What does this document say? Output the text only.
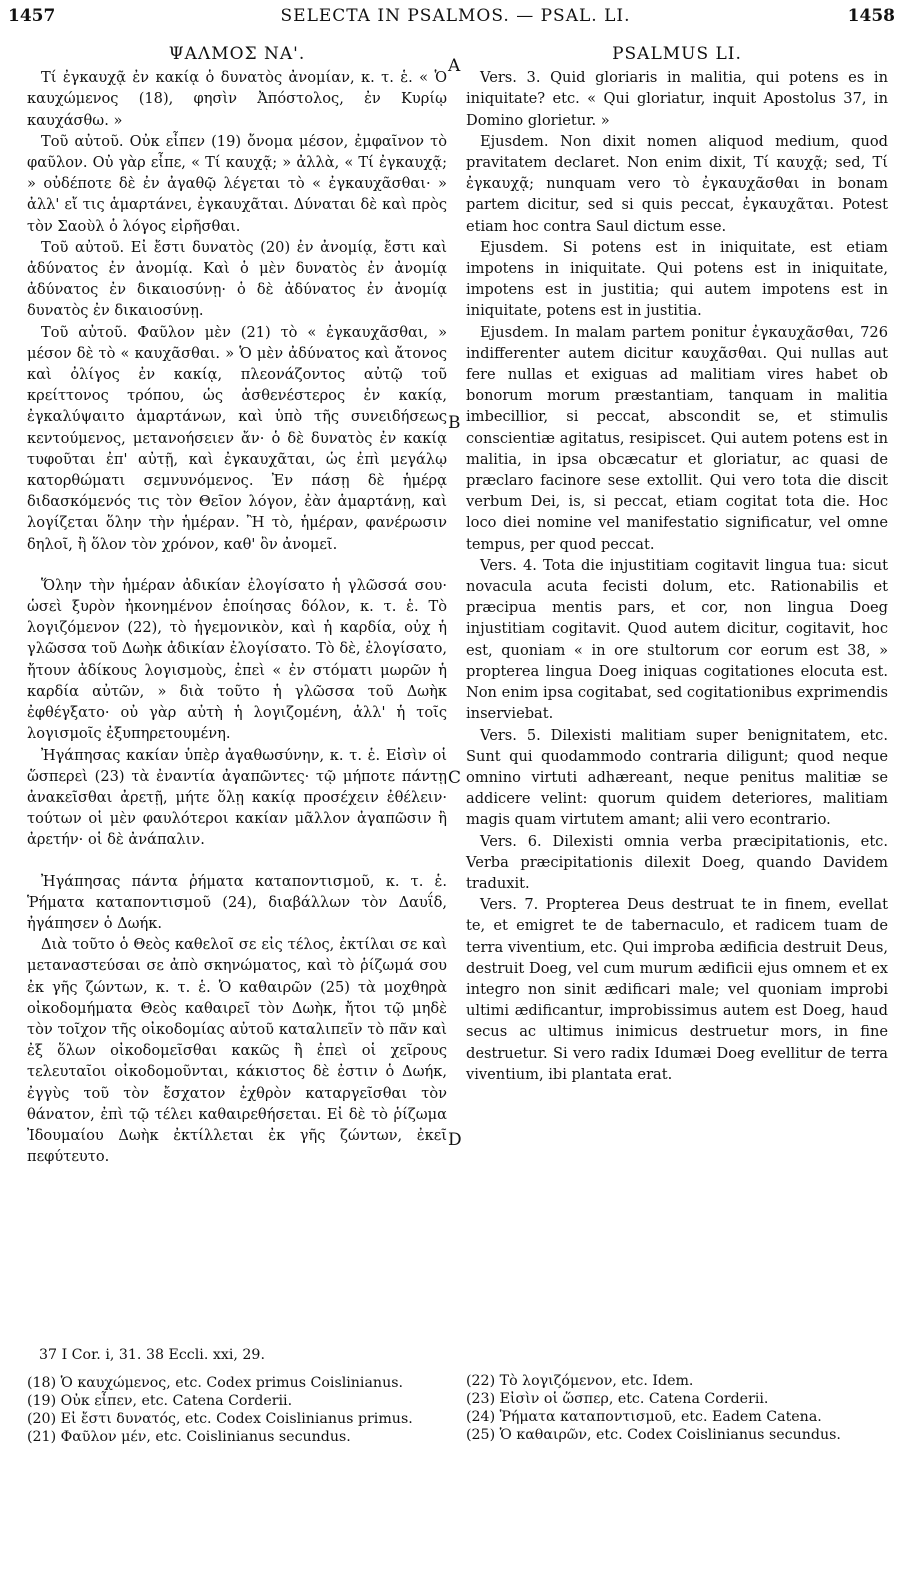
1457	SELECTA IN PSALMOS. — PSAL. LI.	1458
A
B
C
D
ΨΑΛΜΟΣ ΝΑ'.

Τί ἐγκαυχᾷ ἐν κακίᾳ ὁ δυνατὸς ἀνομίαν, κ. τ. ἑ. « Ὁ καυχώμενος (18), φησὶν Ἀπόστολος, ἐν Κυρίῳ καυχάσθω. »

Τοῦ αὐτοῦ. Οὐκ εἶπεν (19) ὄνομα μέσον, ἐμφαῖνον τὸ φαῦλον. Οὐ γὰρ εἶπε, « Τί καυχᾷ; » ἀλλὰ, « Τί ἐγκαυχᾷ; » οὐδέποτε δὲ ἐν ἀγαθῷ λέγεται τὸ « ἐγκαυχᾶσθαι· » ἀλλ' εἴ τις ἁμαρτάνει, ἐγκαυχᾶται. Δύναται δὲ καὶ πρὸς τὸν Σαοὺλ ὁ λόγος εἰρῆσθαι.

Τοῦ αὐτοῦ. Εἰ ἔστι δυνατὸς (20) ἐν ἀνομίᾳ, ἔστι καὶ ἀδύνατος ἐν ἀνομίᾳ. Καὶ ὁ μὲν δυνατὸς ἐν ἀνομίᾳ ἀδύνατος ἐν δικαιοσύνῃ· ὁ δὲ ἀδύνατος ἐν ἀνομίᾳ δυνατὸς ἐν δικαιοσύνῃ.

Τοῦ αὐτοῦ. Φαῦλον μὲν (21) τὸ « ἐγκαυχᾶσθαι, » μέσον δὲ τὸ « καυχᾶσθαι. » Ὁ μὲν ἀδύνατος καὶ ἄτονος καὶ ὀλίγος ἐν κακίᾳ, πλεονάζοντος αὐτῷ τοῦ κρείττονος τρόπου, ὡς ἀσθενέστερος ἐν κακίᾳ, ἐγκαλύψαιτο ἁμαρτάνων, καὶ ὑπὸ τῆς συνειδήσεως κεντούμενος, μετανοήσειεν ἄν· ὁ δὲ δυνατὸς ἐν κακίᾳ τυφοῦται ἐπ' αὐτῇ, καὶ ἐγκαυχᾶται, ὡς ἐπὶ μεγάλῳ κατορθώματι σεμνυνόμενος. Ἐν πάσῃ δὲ ἡμέρᾳ διδασκόμενός τις τὸν Θεῖον λόγον, ἐὰν ἁμαρτάνῃ, καὶ λογίζεται ὅλην τὴν ἡμέραν. Ἢ τὸ, ἡμέραν, φανέρωσιν δηλοῖ, ἢ ὅλον τὸν χρόνον, καθ' ὃν ἀνομεῖ.

Ὅλην τὴν ἡμέραν ἀδικίαν ἐλογίσατο ἡ γλῶσσά σου· ὡσεὶ ξυρὸν ἠκονημένον ἐποίησας δόλον, κ. τ. ἑ. Τὸ λογιζόμενον (22), τὸ ἡγεμονικὸν, καὶ ἡ καρδία, οὐχ ἡ γλῶσσα τοῦ Δωὴκ ἀδικίαν ἐλογίσατο. Τὸ δὲ, ἐλογίσατο, ἤτουν ἀδίκους λογισμοὺς, ἐπεὶ « ἐν στόματι μωρῶν ἡ καρδία αὐτῶν, » διὰ τοῦτο ἡ γλῶσσα τοῦ Δωὴκ ἐφθέγξατο· οὐ γὰρ αὐτὴ ἡ λογιζομένη, ἀλλ' ἡ τοῖς λογισμοῖς ἐξυπηρετουμένη.

Ἠγάπησας κακίαν ὑπὲρ ἀγαθωσύνην, κ. τ. ἑ. Εἰσὶν οἱ ὥσπερεὶ (23) τὰ ἐναντία ἀγαπῶντες· τῷ μήποτε πάντῃ ἀνακεῖσθαι ἀρετῇ, μήτε ὅλῃ κακίᾳ προσέχειν ἐθέλειν· τούτων οἱ μὲν φαυλότεροι κακίαν μᾶλλον ἀγαπῶσιν ἢ ἀρετήν· οἱ δὲ ἀνάπαλιν.

Ἠγάπησας πάντα ῥήματα καταποντισμοῦ, κ. τ. ἑ. Ῥήματα καταποντισμοῦ (24), διαβάλλων τὸν Δαυΐδ, ἠγάπησεν ὁ Δωήκ.

Διὰ τοῦτο ὁ Θεὸς καθελοῖ σε εἰς τέλος, ἐκτίλαι σε καὶ μεταναστεύσαι σε ἀπὸ σκηνώματος, καὶ τὸ ῥίζωμά σου ἐκ γῆς ζώντων, κ. τ. ἑ. Ὁ καθαιρῶν (25) τὰ μοχθηρὰ οἰκοδομήματα Θεὸς καθαιρεῖ τὸν Δωὴκ, ἤτοι τῷ μηδὲ τὸν τοῖχον τῆς οἰκοδομίας αὐτοῦ καταλιπεῖν τὸ πᾶν καὶ ἐξ ὅλων οἰκοδομεῖσθαι κακῶς ἢ ἐπεὶ οἱ χεῖρους τελευταῖοι οἰκοδομοῦνται, κάκιστος δὲ ἐστιν ὁ Δωήκ, ἐγγὺς τοῦ τὸν ἔσχατον ἐχθρὸν καταργεῖσθαι τὸν θάνατον, ἐπὶ τῷ τέλει καθαιρεθήσεται. Εἰ δὲ τὸ ῥίζωμα Ἰδουμαίου Δωὴκ ἐκτίλλεται ἐκ γῆς ζώντων, ἐκεῖ πεφύτευτο.

PSALMUS LI.

Vers. 3. Quid gloriaris in malitia, qui potens es in iniquitate? etc. « Qui gloriatur, inquit Apostolus 37, in Domino glorietur. »

Ejusdem. Non dixit nomen aliquod medium, quod pravitatem declaret. Non enim dixit, Τί καυχᾷ; sed, Τί ἐγκαυχᾷ; nunquam vero τὸ ἐγκαυχᾶσθαι in bonam partem dicitur, sed si quis peccat, ἐγκαυχᾶται. Potest etiam hoc contra Saul dictum esse.

Ejusdem. Si potens est in iniquitate, est etiam impotens in iniquitate. Qui potens est in iniquitate, impotens est in justitia; qui autem impotens est in iniquitate, potens est in justitia.

Ejusdem. In malam partem ponitur ἐγκαυχᾶσθαι, 726 indifferenter autem dicitur καυχᾶσθαι. Qui nullas aut fere nullas et exiguas ad malitiam vires habet ob bonorum morum præstantiam, tanquam in malitia imbecillior, si peccat, abscondit se, et stimulis conscientiæ agitatus, resipiscet. Qui autem potens est in malitia, in ipsa obcæcatur et gloriatur, ac quasi de præclaro facinore sese extollit. Qui vero tota die discit verbum Dei, is, si peccat, etiam cogitat tota die. Hoc loco diei nomine vel manifestatio significatur, vel omne tempus, per quod peccat.

Vers. 4. Tota die injustitiam cogitavit lingua tua: sicut novacula acuta fecisti dolum, etc. Rationabilis et præcipua mentis pars, et cor, non lingua Doeg injustitiam cogitavit. Quod autem dicitur, cogitavit, hoc est, quoniam « in ore stultorum cor eorum est 38, » propterea lingua Doeg iniquas cogitationes elocuta est. Non enim ipsa cogitabat, sed cogitationibus exprimendis inserviebat.

Vers. 5. Dilexisti malitiam super benignitatem, etc. Sunt qui quodammodo contraria diligunt; quod neque omnino virtuti adhæreant, neque penitus malitiæ se addicere velint: quorum quidem deteriores, malitiam magis quam virtutem amant; alii vero econtrario.

Vers. 6. Dilexisti omnia verba præcipitationis, etc. Verba præcipitationis dilexit Doeg, quando Davidem traduxit.

Vers. 7. Propterea Deus destruat te in finem, evellat te, et emigret te de tabernaculo, et radicem tuam de terra viventium, etc. Qui improba ædificia destruit Deus, destruit Doeg, vel cum murum ædificii ejus omnem et ex integro non sinit ædificari male; vel quoniam improbi ultimi ædificantur, improbissimus autem est Doeg, haud secus ac ultimus inimicus destruetur mors, in fine destruetur. Si vero radix Idumæi Doeg evellitur de terra viventium, ibi plantata erat.

37 I Cor. i, 31. 38 Eccli. xxi, 29.

(18) Ὁ καυχώμενος, etc. Codex primus Coislinianus.

(19) Οὐκ εἶπεν, etc. Catena Corderii.

(20) Εἰ ἔστι δυνατός, etc. Codex Coislinianus primus.

(21) Φαῦλον μέν, etc. Coislinianus secundus.

(22) Τὸ λογιζόμενον, etc. Idem.

(23) Εἰσὶν οἱ ὥσπερ, etc. Catena Corderii.

(24) Ῥήματα καταποντισμοῦ, etc. Eadem Catena.

(25) Ὁ καθαιρῶν, etc. Codex Coislinianus secundus.
